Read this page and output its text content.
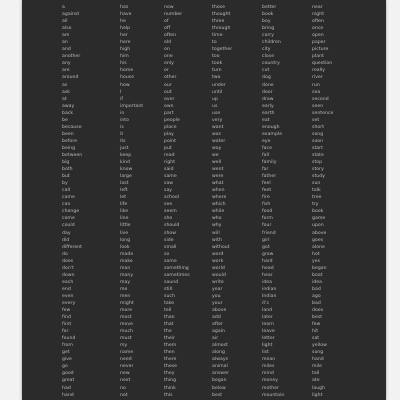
a
against
all
also
am
an
and
another
any
are
around
as
ask
at
away
back
be
because
been
before
being
between
big
both
but
by
call
came
can
change
come
could
day
did
different
do
does
don't
down
each
end
even
every
few
find
first
for
found
from
get
give
go
good
great
had
hand
has
have
he
help
her
here
high
him
his
home
house
how
I
if
important
in
into
is
it
its
just
keep
kind
know
large
last
left
let
life
like
line
little
live
long
look
made
make
man
many
may
me
men
might
more
most
move
much
must
my
name
need
never
new
next
no
not
now
number
of
off
often
old
on
one
only
or
other
our
out
over
own
part
people
place
play
point
put
read
right
said
same
saw
say
school
see
seem
she
should
show
side
small
so
some
something
sometimes
sound
still
such
take
tell
than
that
the
their
them
then
there
these
they
thing
think
this
those
thought
three
through
time
to
together
too
took
turn
two
under
until
up
us
use
very
want
was
water
way
we
well
went
were
what
when
where
which
while
who
why
will
with
without
word
work
world
would
write
year
you
your
above
add
after
again
air
almost
along
always
animal
answer
began
below
best
better
book
boy
bring
carry
children
city
close
country
cut
dog
done
door
draw
early
earth
eat
enough
example
eye
face
fall
family
far
father
feel
feet
fire
fish
food
form
four
friend
girl
got
grow
hard
head
hear
idea
indian
Indian
it's
land
later
learn
leave
letter
light
list
mean
miles
mind
money
mother
mountain
near
night
often
once
open
paper
picture
plant
question
really
river
run
sea
second
seen
sentence
set
short
song
soon
start
state
stop
story
study
sun
talk
tree
try
book
game
upon
above
goes
alone
hot
yes
began
boat
idea
bad
ago
bad
does
best
few
hit
sat
yellow
song
hand
mile
tall
ate
laugh
light
